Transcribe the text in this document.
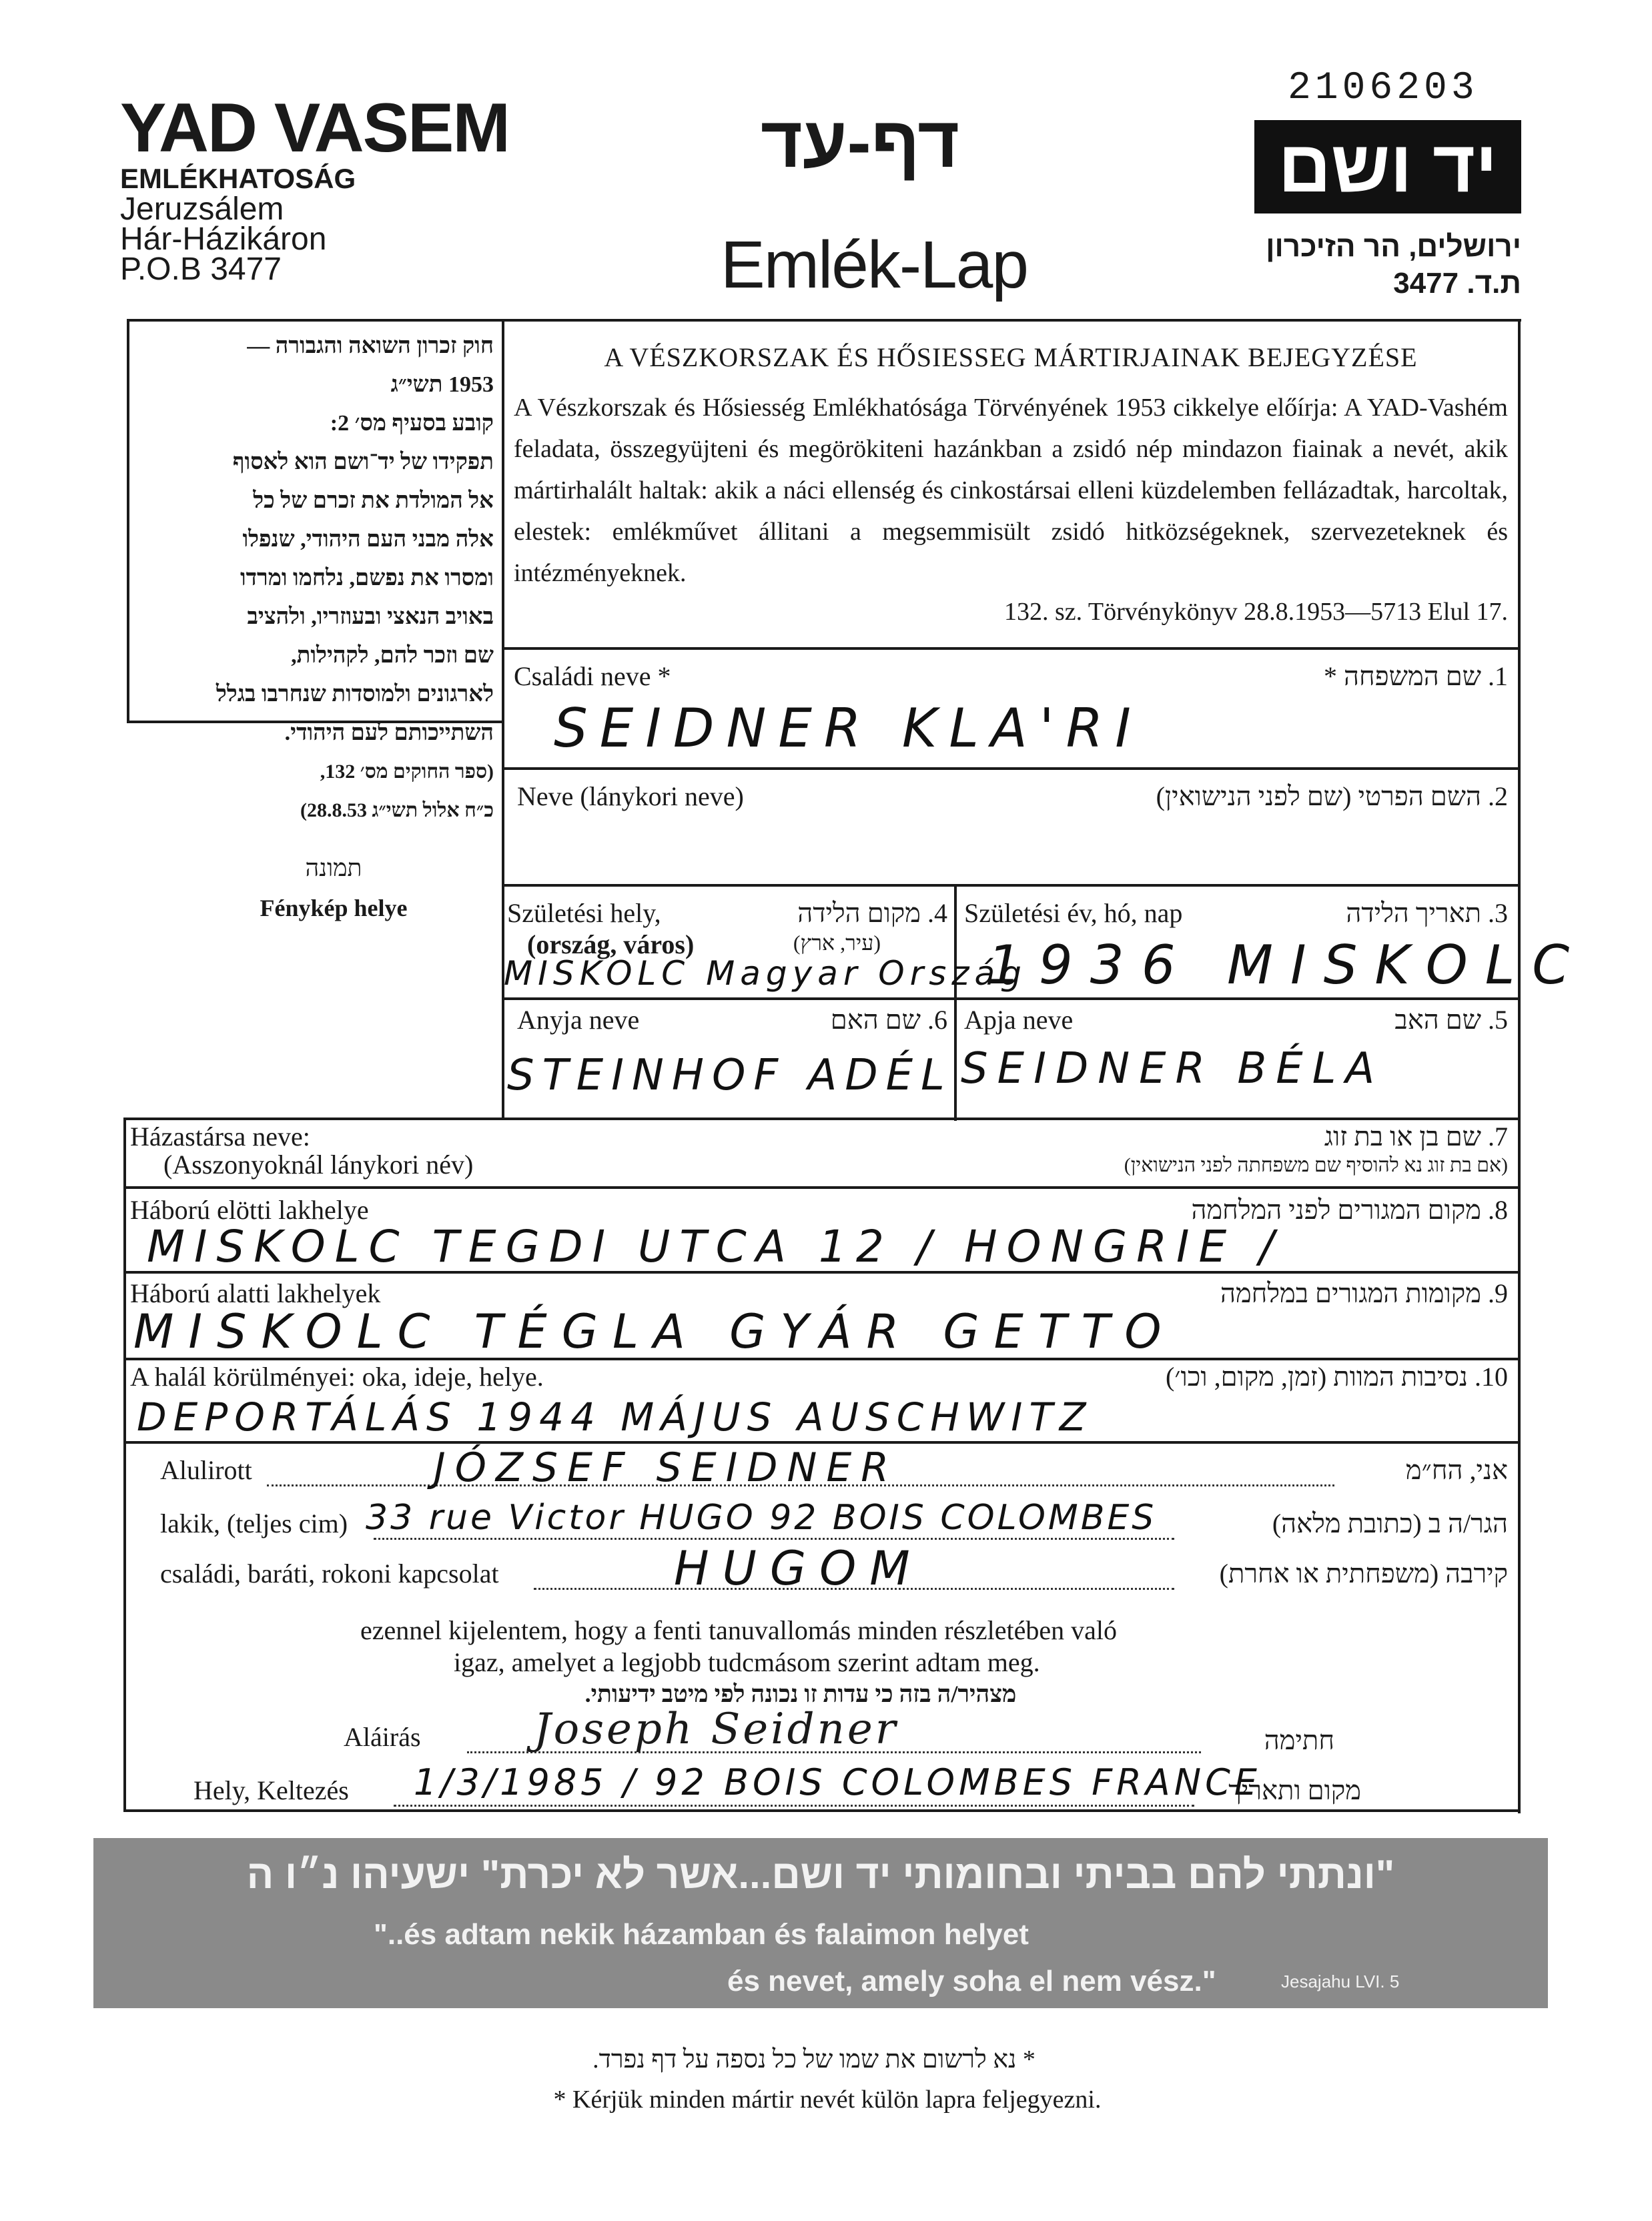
YAD VASEM
EMLÉKHATOSÁG
Jeruzsálem
Hár-Házikáron
P.O.B 3477
דף-עד
Emlék-Lap
2106203
יד ושם
ירושלים, הר הזיכרון
ת.ד. 3477
חוק זכרון השואה והגבורה —
1953 תשי״ג
קובע בסעיף מס׳ 2:
תפקידו של יד־ושם הוא לאסוף
אל המולדת את זכרם של כל
אלה מבני העם היהודי, שנפלו
ומסרו את נפשם, נלחמו ומרדו
באויב הנאצי ובעוזריו, ולהציב
שם וזכר להם, לקהילות,
לארגונים ולמוסדות שנחרבו בגלל
השתייכותם לעם היהודי.
(ספר החוקים מס׳ 132,
כ״ח אלול תשי״ג 28.8.53)
תמונה
Fénykép helye
A VÉSZKORSZAK ÉS HŐSIESSEG MÁRTIRJAINAK BEJEGYZÉSE
A Vészkorszak és Hősiesség Emlékhatósága Törvényének 1953 cikkelye előírja: A YAD-Vashém feladata, összegyüjteni és megörökiteni hazánkban a zsidó nép mindazon fiainak a nevét, akik mártirhalált haltak: akik a náci ellenség és cinkostársai elleni küzdelemben fellázadtak, harcoltak, elestek: emlékművet állitani a megsemmisült zsidó hitközségeknek, szervezeteknek és intézményeknek.
132. sz. Törvénykönyv 28.8.1953—5713 Elul 17.
Családi neve *	1. שם המשפחה *
SEIDNER KLA'RI
Neve (lánykori neve)	2. השם הפרטי (שם לפני הנישואין)
Születési hely,	4. מקום הלידה
(ország, város)	(עיר, ארץ)
MISKOLC Magyar Ország
Születési év, hó, nap	3. תאריך הלידה
1936 MISKOLC
Anyja neve	6. שם האם
STEINHOF ADÉL
Apja neve	5. שם האב
SEIDNER BÉLA
Házastársa neve:
(Asszonyoknál lánykori név)
7. שם בן או בת זוג
(אם בת זוג נא להוסיף שם משפחתה לפני הנישואין)
Háború elötti lakhelye	8. מקום המגורים לפני המלחמה
MISKOLC TEGDI UTCA 12 / HONGRIE /
Háború alatti lakhelyek	9. מקומות המגורים במלחמה
MISKOLC TÉGLA GYÁR GETTO
A halál körülményei: oka, ideje, helye.	10. נסיבות המוות (זמן, מקום, וכו׳)
DEPORTÁLÁS 1944 MÁJUS AUSCHWITZ
Alulirott	אני, הח״מ
JÓZSEF SEIDNER
lakik, (teljes cim)	הגר/ה ב (כתובת מלאה)
33 rue Victor HUGO 92 BOIS COLOMBES
családi, baráti, rokoni kapcsolat	קירבה (משפחתית או אחרת)
HUGOM
ezennel kijelentem, hogy a fenti tanuvallomás minden részletében való
igaz, amelyet a legjobb tudcmásom szerint adtam meg.
מצהיר/ה בזה כי עדות זו נכונה לפי מיטב ידיעותי.
Aláirás	חתימה
Joseph Seidner
Hely, Keltezés	מקום ותאריך
1/3/1985 / 92 BOIS COLOMBES FRANCE
"ונתתי להם בביתי ובחומותי יד ושם...אשר לא יכרת" ישעיהו נ״ו ה
"..és adtam nekik házamban és falaimon helyet
és nevet, amely soha el nem vész."	Jesajahu LVI. 5
* נא לרשום את שמו של כל נספה על דף נפרד.
* Kérjük minden mártir nevét külön lapra feljegyezni.
